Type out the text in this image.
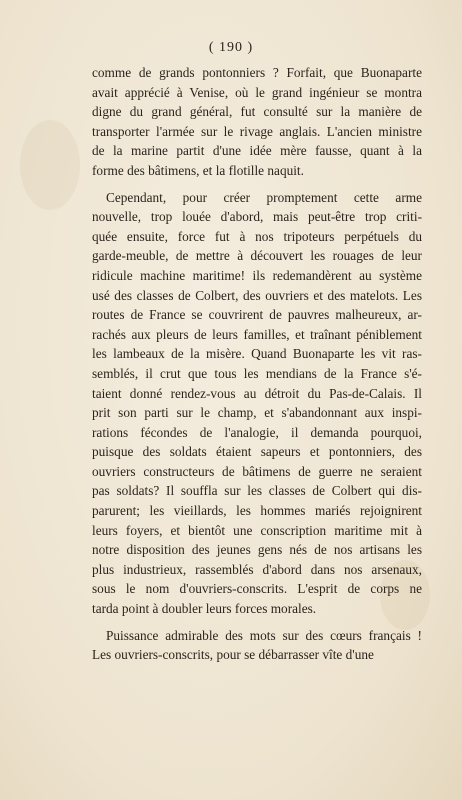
( 190 )
comme de grands pontonniers ? Forfait, que Buonaparte
avait apprécié à Venise, où le grand ingénieur se montra
digne du grand général, fut consulté sur la manière de
transporter l'armée sur le rivage anglais. L'ancien ministre
de la marine partit d'une idée mère fausse, quant à la
forme des bâtimens, et la flotille naquit.
Cependant, pour créer promptement cette arme
nouvelle, trop louée d'abord, mais peut-être trop criti-
quée ensuite, force fut à nos tripoteurs perpétuels du
garde-meuble, de mettre à découvert les rouages de leur
ridicule machine maritime! ils redemandèrent au système
usé des classes de Colbert, des ouvriers et des matelots. Les
routes de France se couvrirent de pauvres malheureux, ar-
rachés aux pleurs de leurs familles, et traînant péniblement
les lambeaux de la misère. Quand Buonaparte les vit ras-
semblés, il crut que tous les mendians de la France s'é-
taient donné rendez-vous au détroit du Pas-de-Calais. Il
prit son parti sur le champ, et s'abandonnant aux inspi-
rations fécondes de l'analogie, il demanda pourquoi,
puisque des soldats étaient sapeurs et pontonniers, des
ouvriers constructeurs de bâtimens de guerre ne seraient
pas soldats? Il souffla sur les classes de Colbert qui dis-
parurent; les vieillards, les hommes mariés rejoignirent
leurs foyers, et bientôt une conscription maritime mit à
notre disposition des jeunes gens nés de nos artisans les
plus industrieux, rassemblés d'abord dans nos arsenaux,
sous le nom d'ouvriers-conscrits. L'esprit de corps ne
tarda point à doubler leurs forces morales.
Puissance admirable des mots sur des cœurs français !
Les ouvriers-conscrits, pour se débarrasser vîte d'une
